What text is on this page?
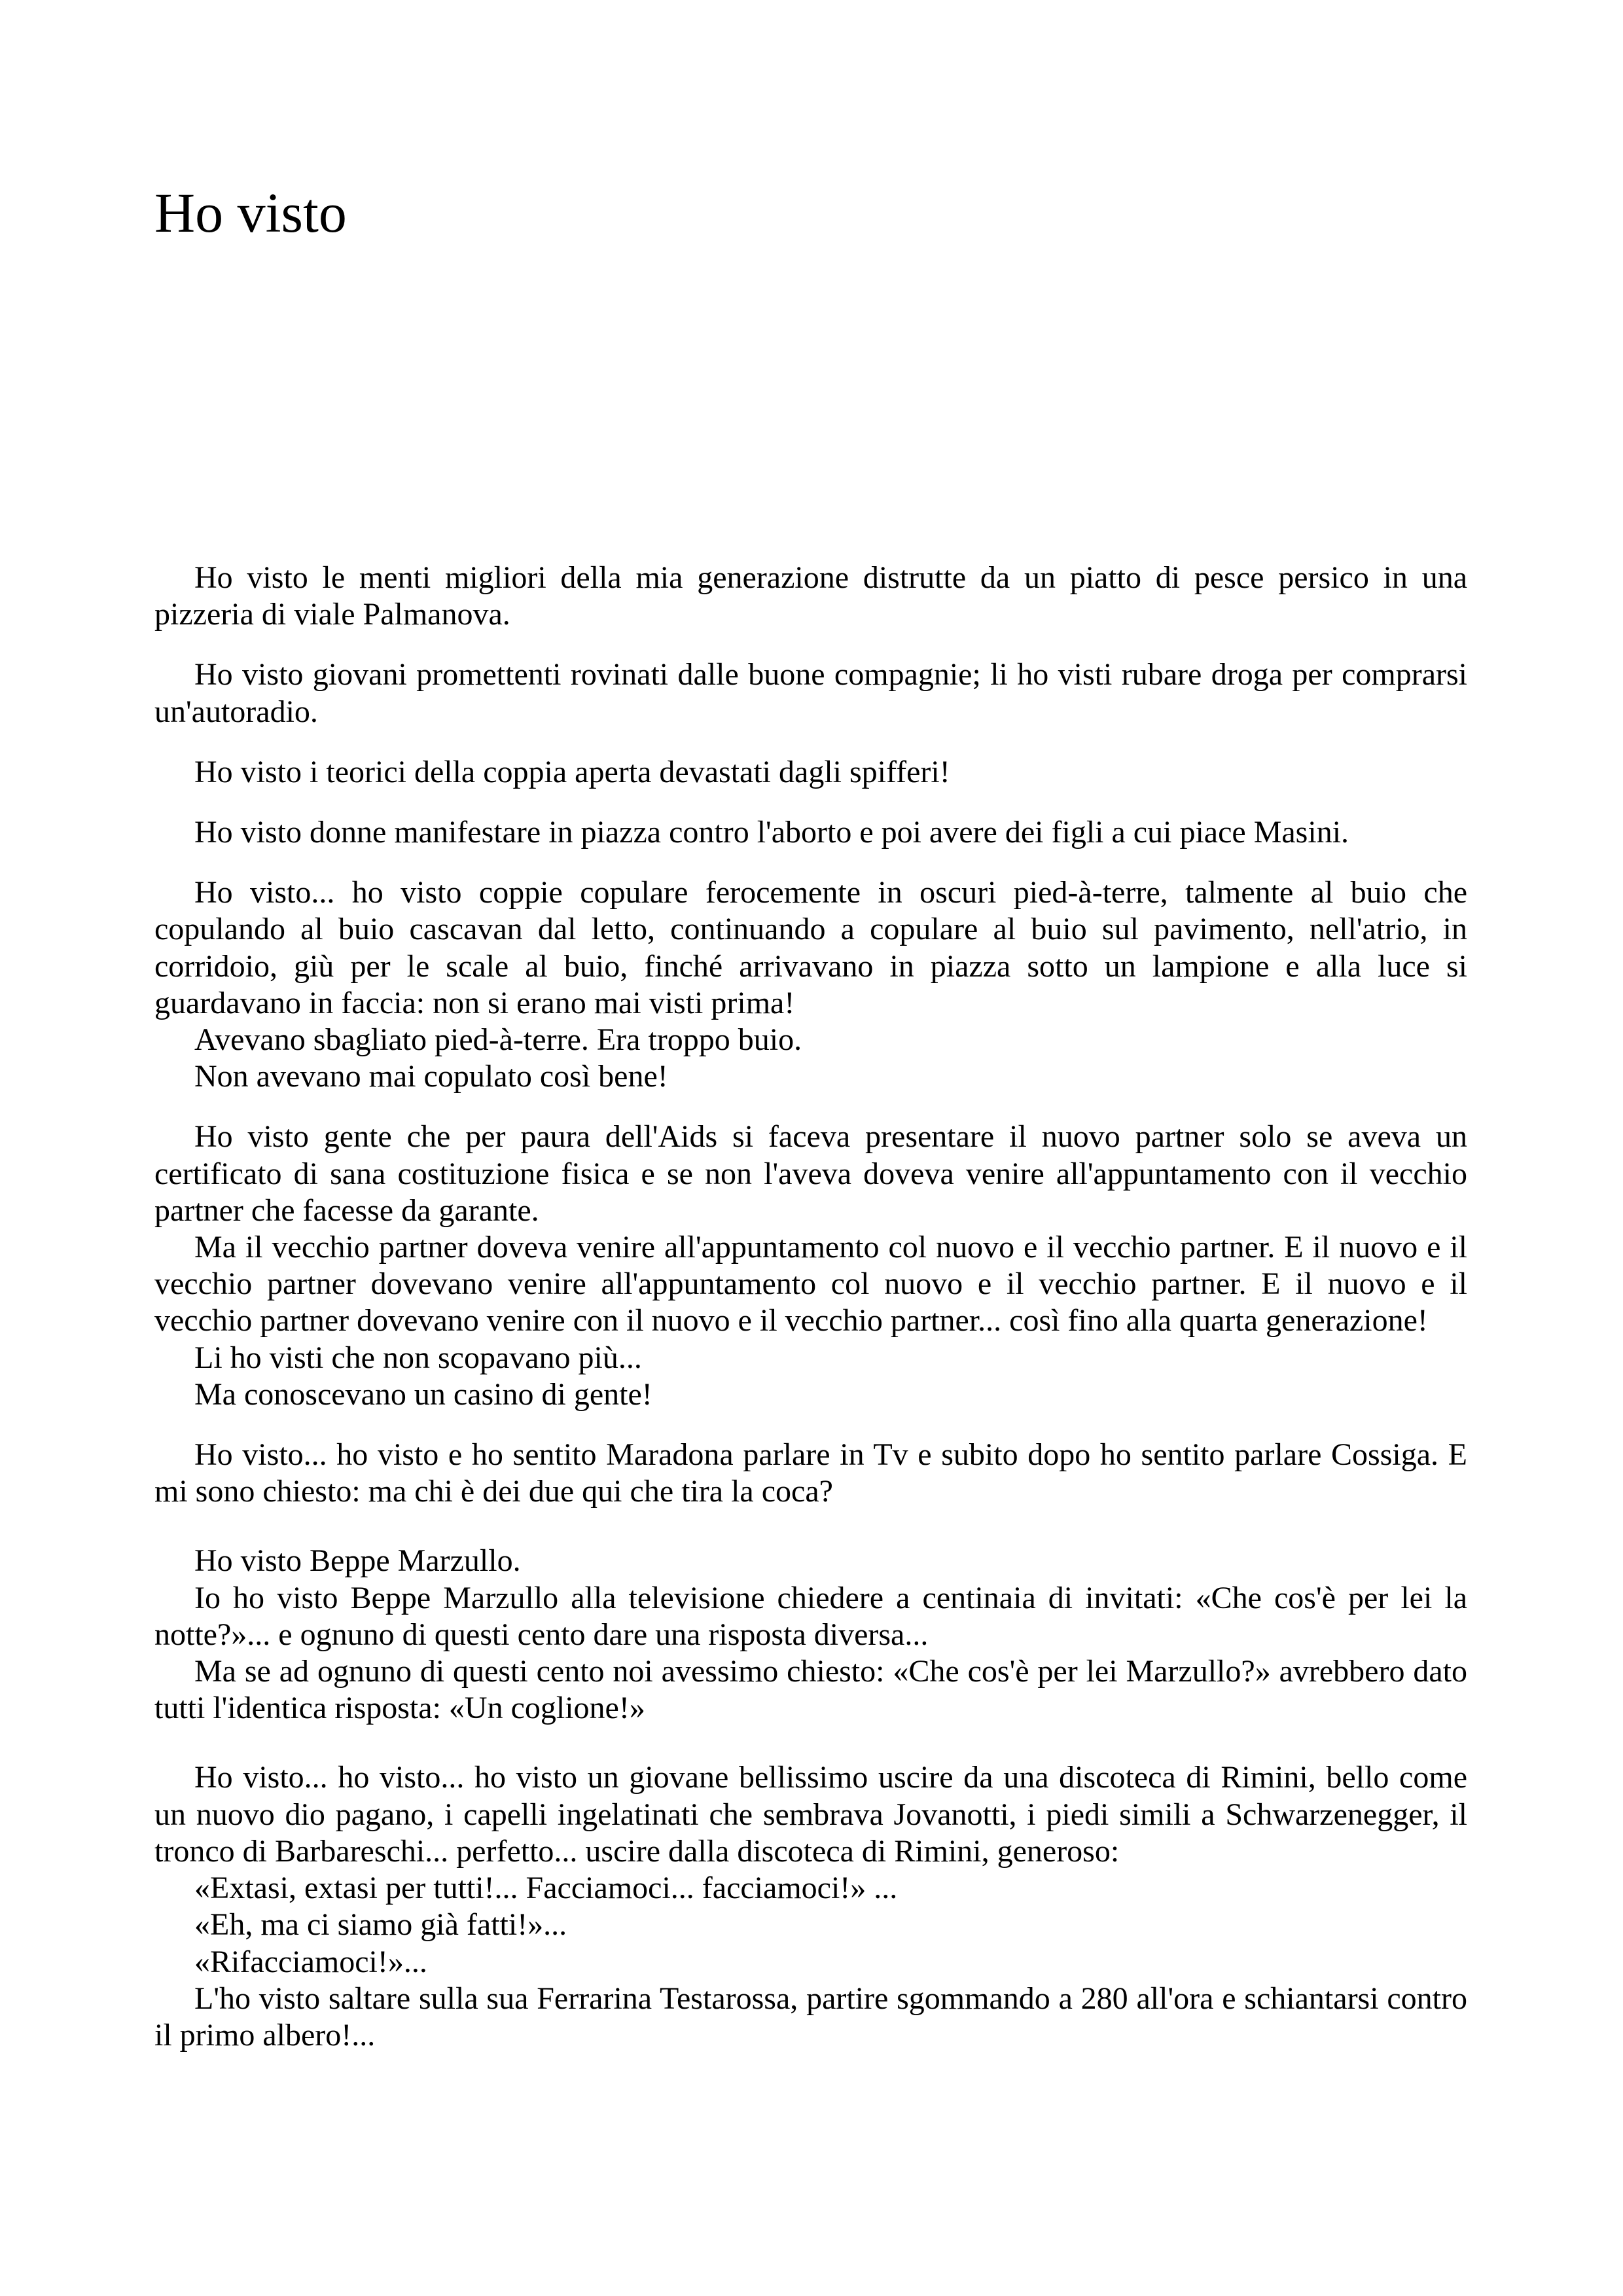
Ho visto

Ho visto le menti migliori della mia generazione distrutte da un piatto di pesce persico in una pizzeria di viale Palmanova.

Ho visto giovani promettenti rovinati dalle buone compagnie; li ho visti rubare droga per comprarsi un'autoradio.

Ho visto i teorici della coppia aperta devastati dagli spifferi!

Ho visto donne manifestare in piazza contro l'aborto e poi avere dei figli a cui piace Masini.

Ho visto... ho visto coppie copulare ferocemente in oscuri pied-à-terre, talmente al buio che copulando al buio cascavan dal letto, continuando a copulare al buio sul pavimento, nell'atrio, in corridoio, giù per le scale al buio, finché arrivavano in piazza sotto un lampione e alla luce si guardavano in faccia: non si erano mai visti prima!

Avevano sbagliato pied-à-terre. Era troppo buio.

Non avevano mai copulato così bene!

Ho visto gente che per paura dell'Aids si faceva presentare il nuovo partner solo se aveva un certificato di sana costituzione fisica e se non l'aveva doveva venire all'appuntamento con il vecchio partner che facesse da garante.

Ma il vecchio partner doveva venire all'appuntamento col nuovo e il vecchio partner. E il nuovo e il vecchio partner dovevano venire all'appuntamento col nuovo e il vecchio partner. E il nuovo e il vecchio partner dovevano venire con il nuovo e il vecchio partner... così fino alla quarta generazione!

Li ho visti che non scopavano più...

Ma conoscevano un casino di gente!

Ho visto... ho visto e ho sentito Maradona parlare in Tv e subito dopo ho sentito parlare Cossiga. E mi sono chiesto: ma chi è dei due qui che tira la coca?

Ho visto Beppe Marzullo.

Io ho visto Beppe Marzullo alla televisione chiedere a centinaia di invitati: «Che cos'è per lei la notte?»... e ognuno di questi cento dare una risposta diversa...

Ma se ad ognuno di questi cento noi avessimo chiesto: «Che cos'è per lei Marzullo?» avrebbero dato tutti l'identica risposta: «Un coglione!»

Ho visto... ho visto... ho visto un giovane bellissimo uscire da una discoteca di Rimini, bello come un nuovo dio pagano, i capelli ingelatinati che sembrava Jovanotti, i piedi simili a Schwarzenegger, il tronco di Barbareschi... perfetto... uscire dalla discoteca di Rimini, generoso:

«Extasi, extasi per tutti!... Facciamoci... facciamoci!» ...

«Eh, ma ci siamo già fatti!»...

«Rifacciamoci!»...

L'ho visto saltare sulla sua Ferrarina Testarossa, partire sgommando a 280 all'ora e schiantarsi contro il primo albero!...
